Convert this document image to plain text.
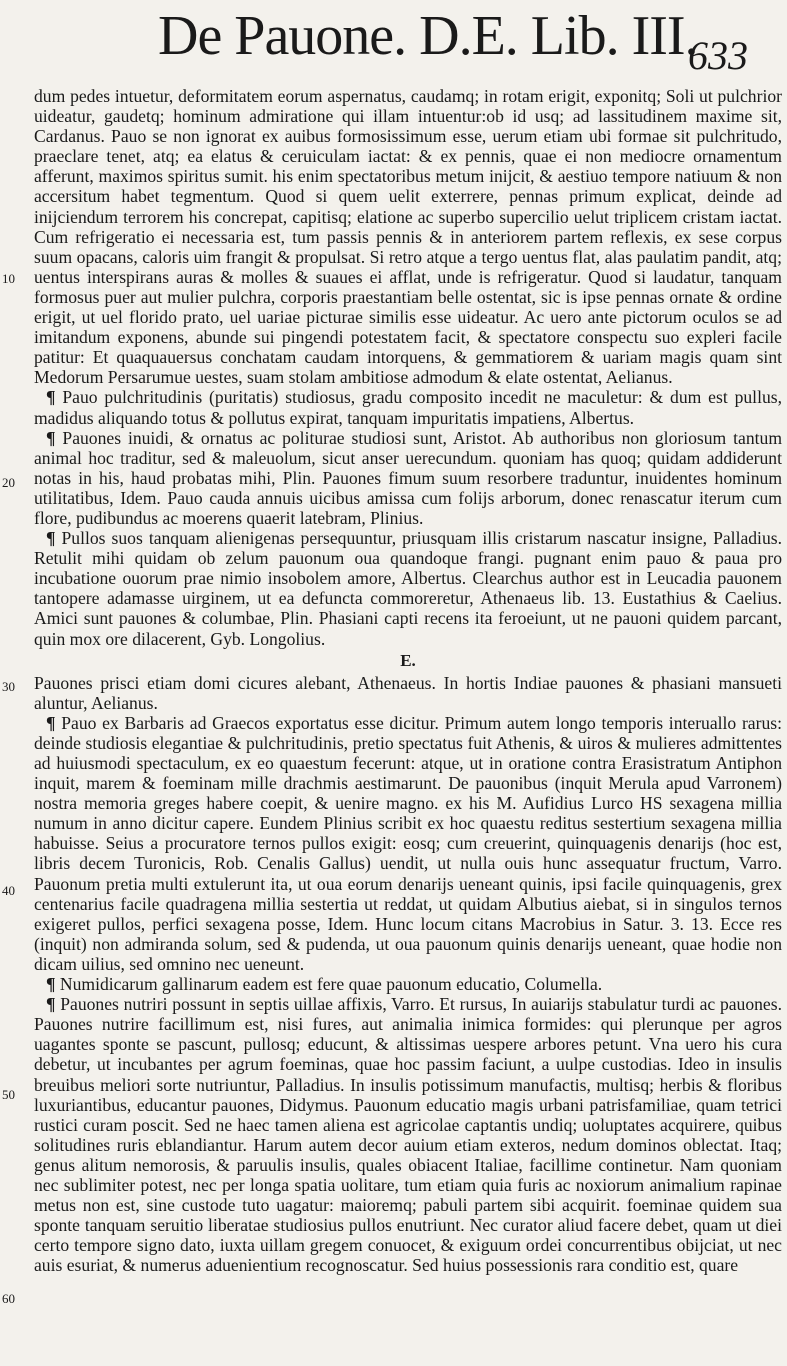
De Pauone. D.E. Lib. III.
633
10
20
30
40
50
60

dum pedes intuetur, deformitatem eorum aspernatus, caudamq; in rotam erigit, exponitq; Soli ut pulchrior uideatur, gaudetq; hominum admiratione qui illam intuentur:ob id usq; ad lassitudinem maxime sit, Cardanus. Pauo se non ignorat ex auibus formosissimum esse, uerum etiam ubi formae sit pulchritudo, praeclare tenet, atq; ea elatus & ceruiculam iactat: & ex pennis, quae ei non mediocre ornamentum afferunt, maximos spiritus sumit. his enim spectatoribus metum inijcit, & aestiuo tempore natiuum & non accersitum habet tegmentum. Quod si quem uelit exterrere, pennas primum explicat, deinde ad inijciendum terrorem his concrepat, capitisq; elatione ac superbo supercilio uelut triplicem cristam iactat. Cum refrigeratio ei necessaria est, tum passis pennis & in anteriorem partem reflexis, ex sese corpus suum opacans, caloris uim frangit & propulsat. Si retro atque a tergo uentus flat, alas paulatim pandit, atq; uentus interspirans auras & molles & suaues ei afflat, unde is refrigeratur. Quod si laudatur, tanquam formosus puer aut mulier pulchra, corporis praestantiam belle ostentat, sic is ipse pennas ornate & ordine erigit, ut uel florido prato, uel uariae picturae similis esse uideatur. Ac uero ante pictorum oculos se ad imitandum exponens, abunde sui pingendi potestatem facit, & spectatore conspectu suo expleri facile patitur: Et quaquauersus conchatam caudam intorquens, & gemmatiorem & uariam magis quam sint Medorum Persarumue uestes, suam stolam ambitiose admodum & elate ostentat, Aelianus.

¶ Pauo pulchritudinis (puritatis) studiosus, gradu composito incedit ne maculetur: & dum est pullus, madidus aliquando totus & pollutus expirat, tanquam impuritatis impatiens, Albertus.

¶ Pauones inuidi, & ornatus ac politurae studiosi sunt, Aristot. Ab authoribus non gloriosum tantum animal hoc traditur, sed & maleuolum, sicut anser uerecundum. quoniam has quoq; quidam addiderunt notas in his, haud probatas mihi, Plin. Pauones fimum suum resorbere traduntur, inuidentes hominum utilitatibus, Idem. Pauo cauda annuis uicibus amissa cum folijs arborum, donec renascatur iterum cum flore, pudibundus ac moerens quaerit latebram, Plinius.

¶ Pullos suos tanquam alienigenas persequuntur, priusquam illis cristarum nascatur insigne, Palladius. Retulit mihi quidam ob zelum pauonum oua quandoque frangi. pugnant enim pauo & paua pro incubatione ouorum prae nimio insobolem amore, Albertus. Clearchus author est in Leucadia pauonem tantopere adamasse uirginem, ut ea defuncta commoreretur, Athenaeus lib. 13. Eustathius & Caelius. Amici sunt pauones & columbae, Plin. Phasiani capti recens ita feroeiunt, ut ne pauoni quidem parcant, quin mox ore dilacerent, Gyb. Longolius.

E.

Pauones prisci etiam domi cicures alebant, Athenaeus. In hortis Indiae pauones & phasiani mansueti aluntur, Aelianus.

¶ Pauo ex Barbaris ad Graecos exportatus esse dicitur. Primum autem longo temporis interuallo rarus: deinde studiosis elegantiae & pulchritudinis, pretio spectatus fuit Athenis, & uiros & mulieres admittentes ad huiusmodi spectaculum, ex eo quaestum fecerunt: atque, ut in oratione contra Erasistratum Antiphon inquit, marem & foeminam mille drachmis aestimarunt. De pauonibus (inquit Merula apud Varronem) nostra memoria greges habere coepit, & uenire magno. ex his M. Aufidius Lurco HS sexagena millia numum in anno dicitur capere. Eundem Plinius scribit ex hoc quaestu reditus sestertium sexagena millia habuisse. Seius a procuratore ternos pullos exigit: eosq; cum creuerint, quinquagenis denarijs (hoc est, libris decem Turonicis, Rob. Cenalis Gallus) uendit, ut nulla ouis hunc assequatur fructum, Varro. Pauonum pretia multi extulerunt ita, ut oua eorum denarijs ueneant quinis, ipsi facile quinquagenis, grex centenarius facile quadragena millia sestertia ut reddat, ut quidam Albutius aiebat, si in singulos ternos exigeret pullos, perfici sexagena posse, Idem. Hunc locum citans Macrobius in Satur. 3. 13. Ecce res (inquit) non admiranda solum, sed & pudenda, ut oua pauonum quinis denarijs ueneant, quae hodie non dicam uilius, sed omnino nec ueneunt.

¶ Numidicarum gallinarum eadem est fere quae pauonum educatio, Columella.

¶ Pauones nutriri possunt in septis uillae affixis, Varro. Et rursus, In auiarijs stabulatur turdi ac pauones. Pauones nutrire facillimum est, nisi fures, aut animalia inimica formides: qui plerunque per agros uagantes sponte se pascunt, pullosq; educunt, & altissimas uespere arbores petunt. Vna uero his cura debetur, ut incubantes per agrum foeminas, quae hoc passim faciunt, a uulpe custodias. Ideo in insulis breuibus meliori sorte nutriuntur, Palladius. In insulis potissimum manufactis, multisq; herbis & floribus luxuriantibus, educantur pauones, Didymus. Pauonum educatio magis urbani patrisfamiliae, quam tetrici rustici curam poscit. Sed ne haec tamen aliena est agricolae captantis undiq; uoluptates acquirere, quibus solitudines ruris eblandiantur. Harum autem decor auium etiam exteros, nedum dominos oblectat. Itaq; genus alitum nemorosis, & paruulis insulis, quales obiacent Italiae, facillime continetur. Nam quoniam nec sublimiter potest, nec per longa spatia uolitare, tum etiam quia furis ac noxiorum animalium rapinae metus non est, sine custode tuto uagatur: maioremq; pabuli partem sibi acquirit. foeminae quidem sua sponte tanquam seruitio liberatae studiosius pullos enutriunt. Nec curator aliud facere debet, quam ut diei certo tempore signo dato, iuxta uillam gregem conuocet, & exiguum ordei concurrentibus obijciat, ut nec auis esuriat, & numerus aduenientium recognoscatur. Sed huius possessionis rara conditio est, quare
